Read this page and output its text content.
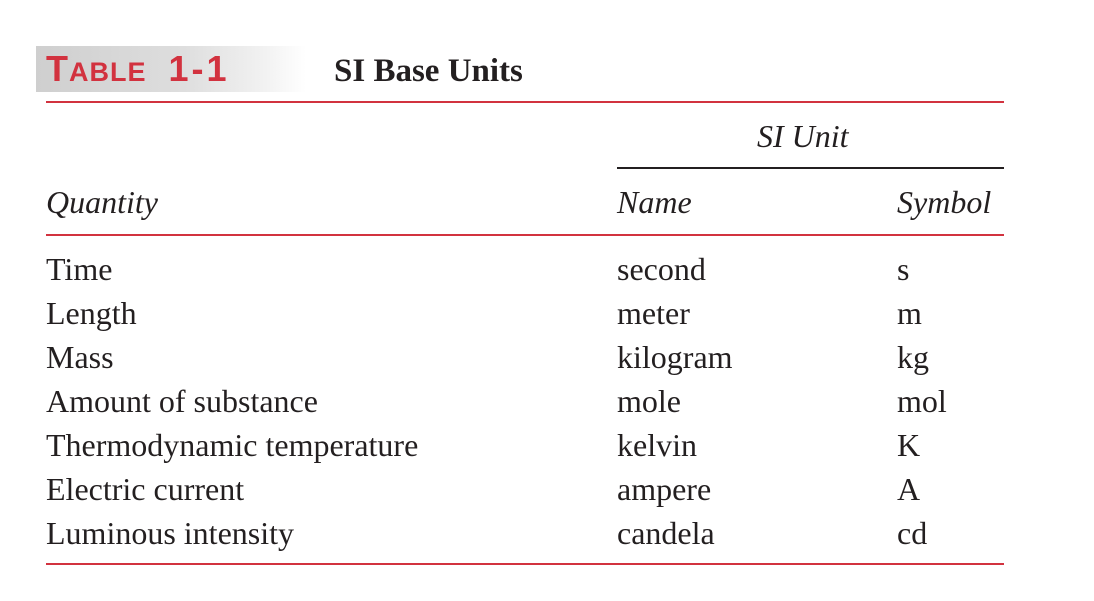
TABLE 1-1	SI Base Units
SI Unit
Quantity	Name	Symbol
Time	second	s
Length	meter	m
Mass	kilogram	kg
Amount of substance	mole	mol
Thermodynamic temperature	kelvin	K
Electric current	ampere	A
Luminous intensity	candela	cd
